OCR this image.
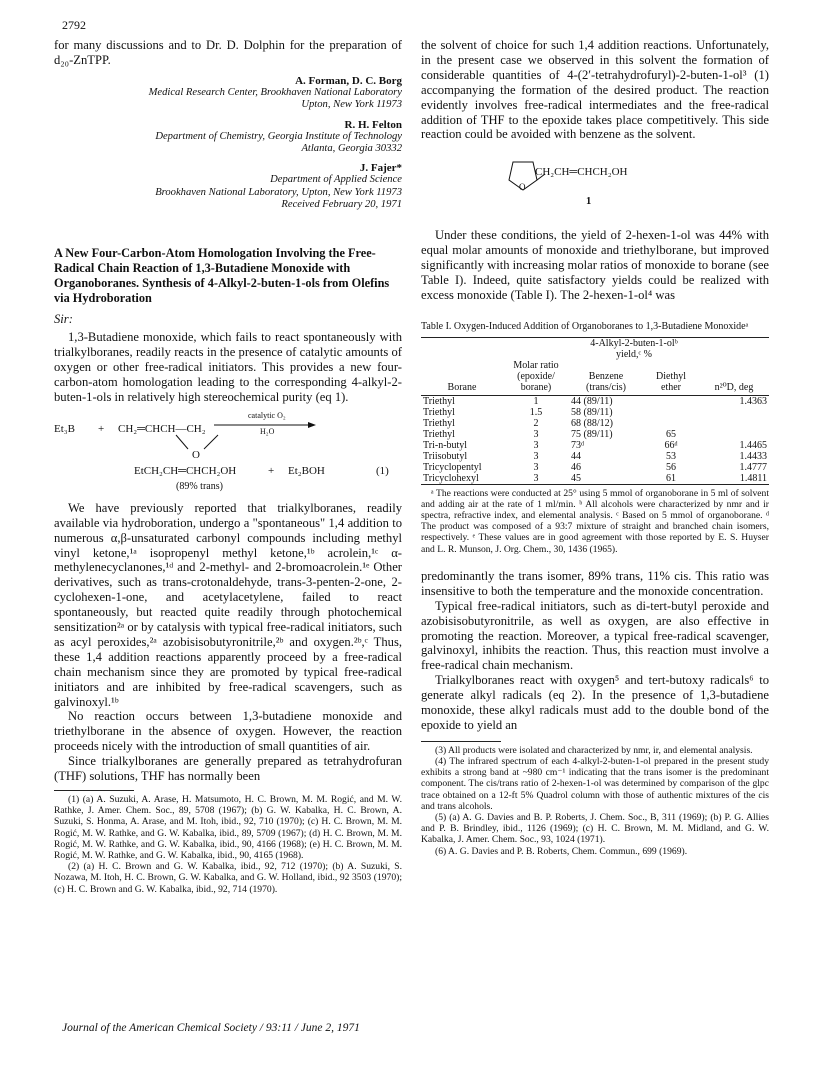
2792

for many discussions and to Dr. D. Dolphin for the preparation of d₂₀-ZnTPP.

A. Forman, D. C. Borg

Medical Research Center, Brookhaven National Laboratory

Upton, New York 11973

R. H. Felton

Department of Chemistry, Georgia Institute of Technology

Atlanta, Georgia 30332

J. Fajer*

Department of Applied Science

Brookhaven National Laboratory, Upton, New York 11973

Received February 20, 1971

A New Four-Carbon-Atom Homologation Involving the Free-Radical Chain Reaction of 1,3-Butadiene Monoxide with Organoboranes. Synthesis of 4-Alkyl-2-buten-1-ols from Olefins via Hydroboration

Sir:

1,3-Butadiene monoxide, which fails to react spontaneously with trialkylboranes, readily reacts in the presence of catalytic amounts of oxygen or other free-radical initiators. This provides a new four-carbon-atom homologation leading to the corresponding 4-alkyl-2-buten-1-ols in relatively high stereochemical purity (eq 1).

Et₃B + CH₂═CHCH—CH₂
O
catalytic O₂
H₂O
EtCH₂CH═CHCH₂OH	+ Et₂BOH	(1)
(89% trans)

We have previously reported that trialkylboranes, readily available via hydroboration, undergo a "spontaneous" 1,4 addition to numerous α,β-unsaturated carbonyl compounds including methyl vinyl ketone,¹ᵃ isopropenyl methyl ketone,¹ᵇ acrolein,¹ᶜ α-methylenecyclanones,¹ᵈ and 2-methyl- and 2-bromoacrolein.¹ᵉ Other derivatives, such as trans-crotonaldehyde, trans-3-penten-2-one, 2-cyclohexen-1-one, and acetylacetylene, failed to react spontaneously, but reacted quite readily through photochemical sensitization²ᵃ or by catalysis with typical free-radical initiators, such as acyl peroxides,²ᵃ azobisisobutyronitrile,²ᵇ and oxygen.²ᵇ,ᶜ Thus, these 1,4 addition reactions apparently proceed by a free-radical chain mechanism since they are promoted by typical free-radical initiators and are inhibited by free-radical scavengers, such as galvinoxyl.¹ᵇ

No reaction occurs between 1,3-butadiene monoxide and triethylborane in the absence of oxygen. However, the reaction proceeds nicely with the introduction of small quantities of air.

Since trialkylboranes are generally prepared as tetrahydrofuran (THF) solutions, THF has normally been

(1) (a) A. Suzuki, A. Arase, H. Matsumoto, H. C. Brown, M. M. Rogić, and M. W. Rathke, J. Amer. Chem. Soc., 89, 5708 (1967); (b) G. W. Kabalka, H. C. Brown, A. Suzuki, S. Honma, A. Arase, and M. Itoh, ibid., 92, 710 (1970); (c) H. C. Brown, M. M. Rogić, M. W. Rathke, and G. W. Kabalka, ibid., 89, 5709 (1967); (d) H. C. Brown, M. M. Rogić, M. W. Rathke, and G. W. Kabalka, ibid., 90, 4166 (1968); (e) H. C. Brown, M. M. Rogić, M. W. Rathke, and G. W. Kabalka, ibid., 90, 4165 (1968).

(2) (a) H. C. Brown and G. W. Kabalka, ibid., 92, 712 (1970); (b) A. Suzuki, S. Nozawa, M. Itoh, H. C. Brown, G. W. Kabalka, and G. W. Holland, ibid., 92 3503 (1970); (c) H. C. Brown and G. W. Kabalka, ibid., 92, 714 (1970).

the solvent of choice for such 1,4 addition reactions. Unfortunately, in the present case we observed in this solvent the formation of considerable quantities of 4-(2′-tetrahydrofuryl)-2-buten-1-ol³ (1) accompanying the formation of the desired product. The reaction evidently involves free-radical intermediates and the free-radical addition of THF to the epoxide takes place competitively. This side reaction could be avoided with benzene as the solvent.

O
CH₂CH═CHCH₂OH
1

Under these conditions, the yield of 2-hexen-1-ol was 44% with equal molar amounts of monoxide and triethylborane, but improved significantly with increasing molar ratios of monoxide to borane (see Table I). Indeed, quite satisfactory yields could be realized with excess monoxide (Table I). The 2-hexen-1-ol⁴ was

Table I. Oxygen-Induced Addition of Organoboranes to 1,3-Butadiene Monoxideᵃ

		4-Alkyl-2-buten-1-olᵇ		
		yield,ᶜ %		
Borane	Molar ratio (epoxide/ borane)	Benzene (trans/cis)	Diethyl ether	n²⁰D, deg
Triethyl	1	44 (89/11)		1.4363
Triethyl	1.5	58 (89/11)		
Triethyl	2	68 (88/12)		
Triethyl	3	75 (89/11)	65	
Tri-n-butyl	3	73ᵈ	66ᵈ	1.4465
Triisobutyl	3	44	53	1.4433
Tricyclopentyl	3	46	56	1.4777
Tricyclohexyl	3	45	61	1.4811

ᵃ The reactions were conducted at 25° using 5 mmol of organoborane in 5 ml of solvent and adding air at the rate of 1 ml/min. ᵇ All alcohols were characterized by nmr and ir spectra, refractive index, and elemental analysis. ᶜ Based on 5 mmol of organoborane. ᵈ The product was composed of a 93:7 mixture of straight and branched chain isomers, respectively. ᵉ These values are in good agreement with those reported by E. S. Huyser and L. R. Munson, J. Org. Chem., 30, 1436 (1965).

predominantly the trans isomer, 89% trans, 11% cis. This ratio was insensitive to both the temperature and the monoxide concentration.

Typical free-radical initiators, such as di-tert-butyl peroxide and azobisisobutyronitrile, as well as oxygen, are also effective in promoting the reaction. Moreover, a typical free-radical scavenger, galvinoxyl, inhibits the reaction. Thus, this reaction must involve a free-radical chain mechanism.

Trialkylboranes react with oxygen⁵ and tert-butoxy radicals⁶ to generate alkyl radicals (eq 2). In the presence of 1,3-butadiene monoxide, these alkyl radicals must add to the double bond of the epoxide to yield an

(3) All products were isolated and characterized by nmr, ir, and elemental analysis.

(4) The infrared spectrum of each 4-alkyl-2-buten-1-ol prepared in the present study exhibits a strong band at ~980 cm⁻¹ indicating that the trans isomer is the predominant component. The cis/trans ratio of 2-hexen-1-ol was determined by comparison of the glpc trace obtained on a 12-ft 5% Quadrol column with those of authentic mixtures of the cis and trans alcohols.

(5) (a) A. G. Davies and B. P. Roberts, J. Chem. Soc., B, 311 (1969); (b) P. G. Allies and P. B. Brindley, ibid., 1126 (1969); (c) H. C. Brown, M. M. Midland, and G. W. Kabalka, J. Amer. Chem. Soc., 93, 1024 (1971).

(6) A. G. Davies and P. B. Roberts, Chem. Commun., 699 (1969).

Journal of the American Chemical Society / 93:11 / June 2, 1971
